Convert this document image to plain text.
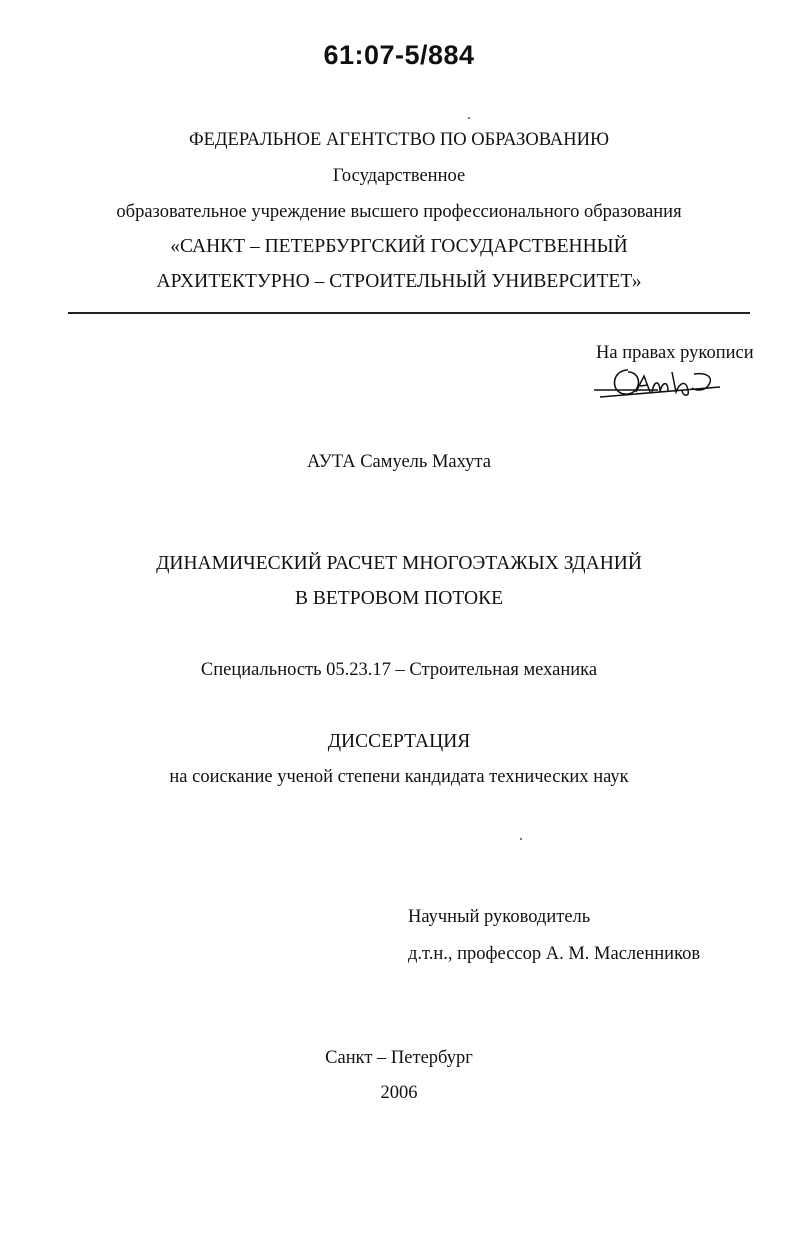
61:07-5/884
ФЕДЕРАЛЬНОЕ АГЕНТСТВО ПО ОБРАЗОВАНИЮ
Государственное
образовательное учреждение высшего профессионального образования
«САНКТ – ПЕТЕРБУРГСКИЙ ГОСУДАРСТВЕННЫЙ
АРХИТЕКТУРНО – СТРОИТЕЛЬНЫЙ УНИВЕРСИТЕТ»
На правах рукописи
АУТА Самуель Махута
ДИНАМИЧЕСКИЙ РАСЧЕТ МНОГОЭТАЖЫХ ЗДАНИЙ
В ВЕТРОВОМ ПОТОКЕ
Специальность 05.23.17 – Строительная механика
ДИССЕРТАЦИЯ
на соискание ученой степени кандидата технических наук
Научный руководитель
д.т.н., профессор А. М. Масленников
Санкт – Петербург
2006
